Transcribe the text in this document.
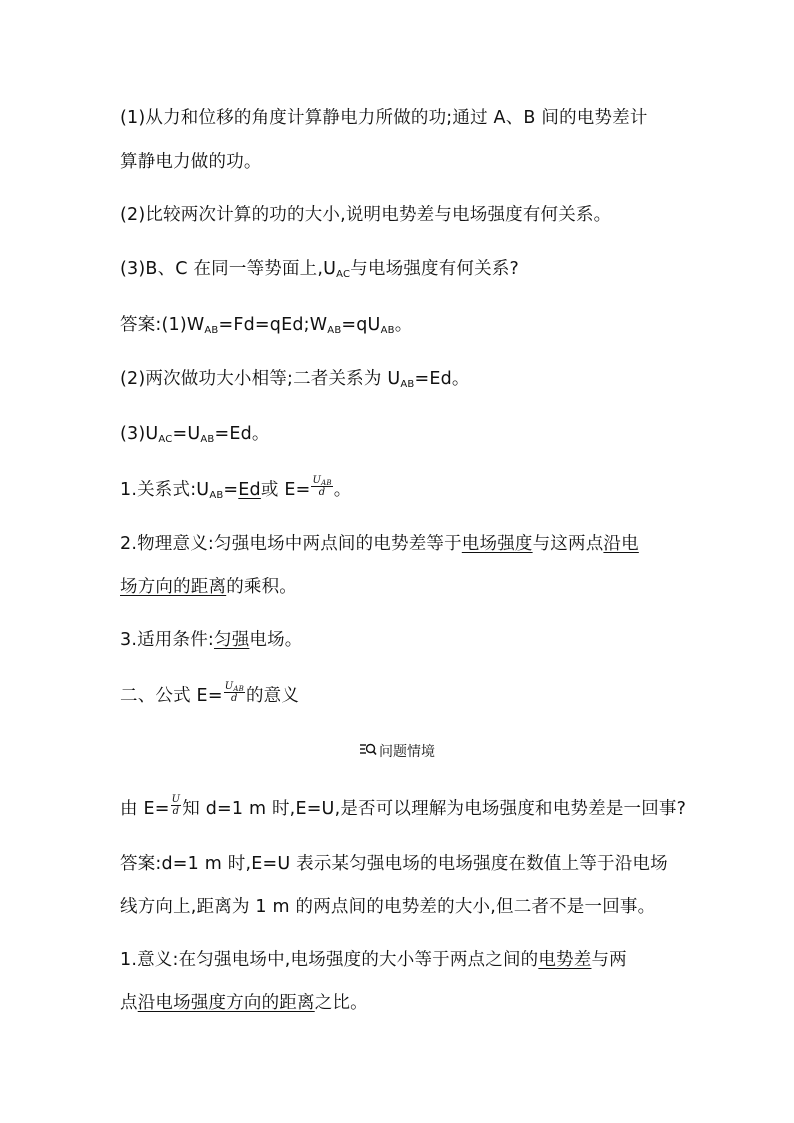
(1)从力和位移的角度计算静电力所做的功;通过 A、B 间的电势差计
算静电力做的功。
(2)比较两次计算的功的大小,说明电势差与电场强度有何关系。
(3)B、C 在同一等势面上$,U_{AC}$与电场强度有何关系?
答案$:(1)W_{AB}=Fd=qEd;W_{AB}=qU_{AB}$。
(2)两次做功大小相等;二者关系为 $U_{AB}=Ed$。
$(3)U_{AC}=U_{AB}=Ed$。
1.关系式$:U_{AB}=Ed$或 $E= \frac{U_{AB}}{d}$ 。
2.物理意义:匀强电场中两点间的电势差等于电场强度与这两点沿电
场方向的距离的乘积。
3.适用条件:匀强电场。
二、公式 $E= \frac{U_{AB}}{d}$ 的意义
问题情境
由 $E= \frac{U}{d}$ 知 d=1 m 时,E=U,是否可以理解为电场强度和电势差是一回事?
答案:d=1 m 时,E=U 表示某匀强电场的电场强度在数值上等于沿电场
线方向上,距离为 1 m 的两点间的电势差的大小,但二者不是一回事。
1.意义:在匀强电场中,电场强度的大小等于两点之间的电势差与两
点沿电场强度方向的距离之比。
